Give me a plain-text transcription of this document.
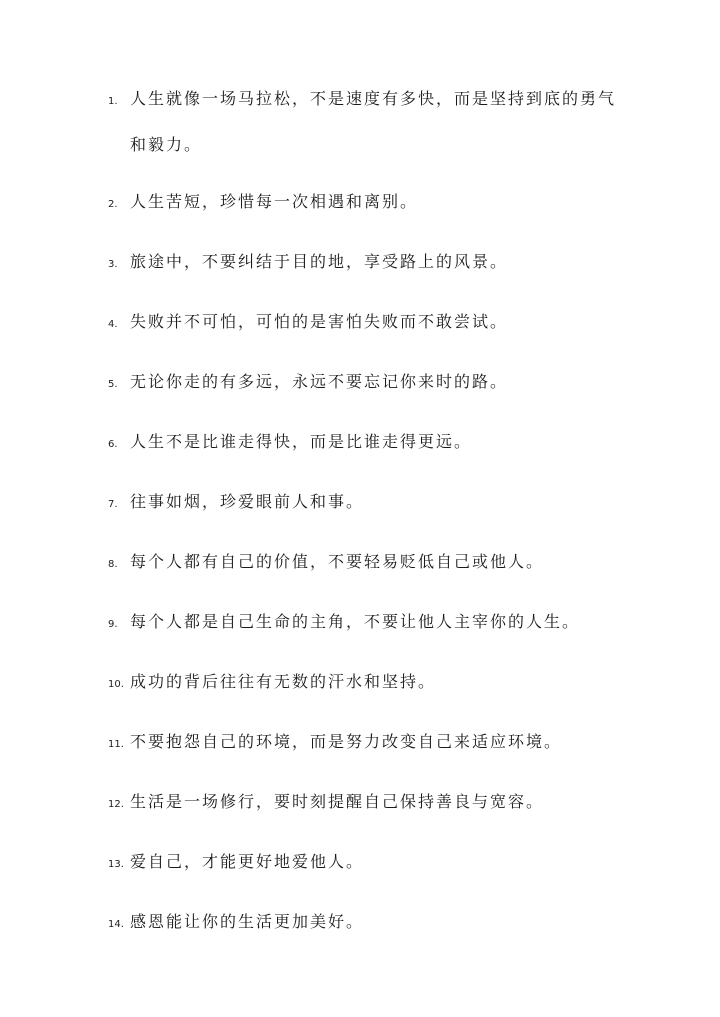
1. 人生就像一场马拉松，不是速度有多快，而是坚持到底的勇气和毅力。
2. 人生苦短，珍惜每一次相遇和离别。
3. 旅途中，不要纠结于目的地，享受路上的风景。
4. 失败并不可怕，可怕的是害怕失败而不敢尝试。
5. 无论你走的有多远，永远不要忘记你来时的路。
6. 人生不是比谁走得快，而是比谁走得更远。
7. 往事如烟，珍爱眼前人和事。
8. 每个人都有自己的价值，不要轻易贬低自己或他人。
9. 每个人都是自己生命的主角，不要让他人主宰你的人生。
10. 成功的背后往往有无数的汗水和坚持。
11. 不要抱怨自己的环境，而是努力改变自己来适应环境。
12. 生活是一场修行，要时刻提醒自己保持善良与宽容。
13. 爱自己，才能更好地爱他人。
14. 感恩能让你的生活更加美好。
